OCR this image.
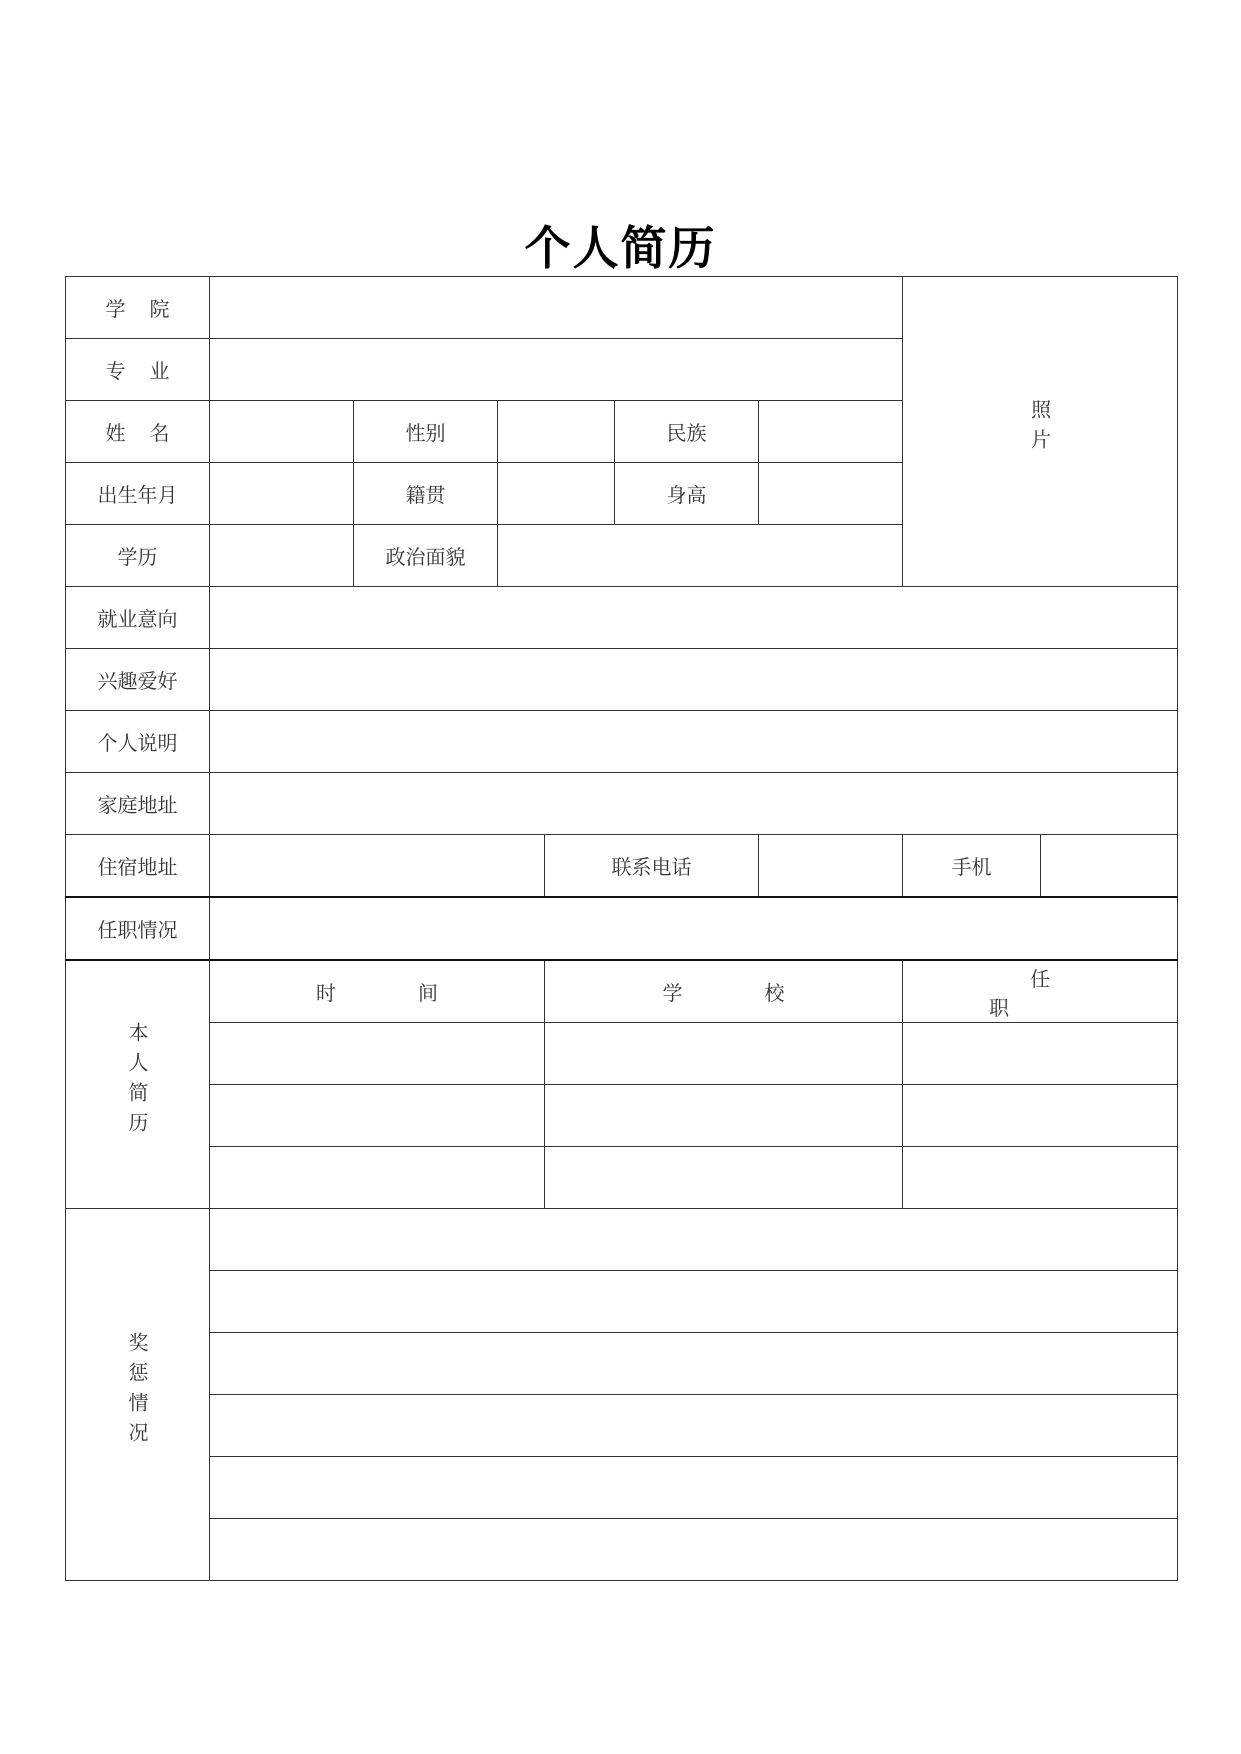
个人简历
学院							照片	
专业								
姓名		性别			民族			
出生年月		籍贯			身高			
学历		政治面貌						
就业意向								
兴趣爱好								
个人说明								
家庭地址								
住宿地址				联系电话			手机	
任职情况								
本人简历	时间			学校			任职	

奖惩情况								
